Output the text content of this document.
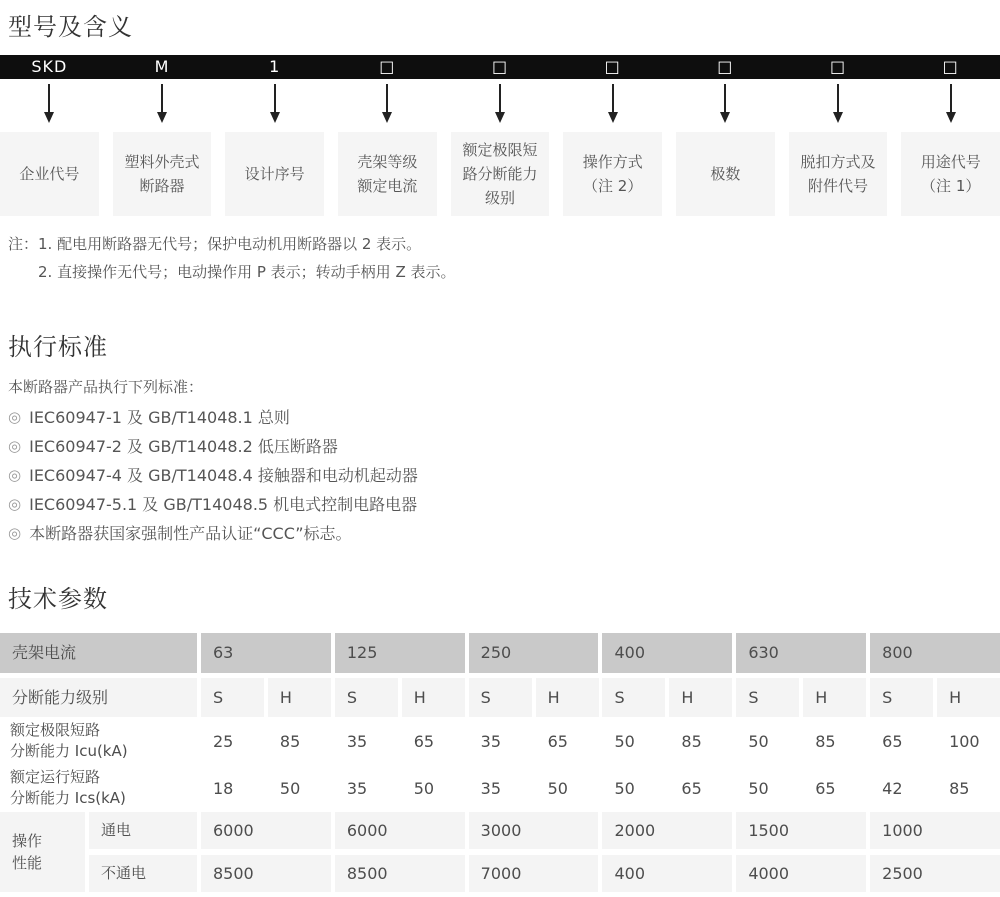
型号及含义
SKD	M	1	□	□	□	□	□	□
企业代号
塑料外壳式
断路器
设计序号
壳架等级
额定电流
额定极限短
路分断能力
级别
操作方式
（注 2）
极数
脱扣方式及
附件代号
用途代号
（注 1）
注： 1. 配电用断路器无代号；保护电动机用断路器以 2 表示。
2. 直接操作无代号；电动操作用 P 表示；转动手柄用 Z 表示。
执行标准
本断路器产品执行下列标准：
◎ IEC60947-1 及 GB/T14048.1 总则
◎ IEC60947-2 及 GB/T14048.2 低压断路器
◎ IEC60947-4 及 GB/T14048.4 接触器和电动机起动器
◎ IEC60947-5.1 及 GB/T14048.5 机电式控制电路电器
◎ 本断路器获国家强制性产品认证“CCC”标志。
技术参数
壳架电流	63	125	250	400	630	800
分断能力级别	S	H	S	H	S	H	S	H	S	H	S	H
额定极限短路
分断能力 Icu(kA)
25	85	35	65	35	65	50	85	50	85	65	100
额定运行短路
分断能力 Ics(kA)
18	50	35	50	35	50	50	65	50	65	42	85
操作
性能
通电	6000	6000	3000	2000	1500	1000
不通电	8500	8500	7000	400	4000	2500
